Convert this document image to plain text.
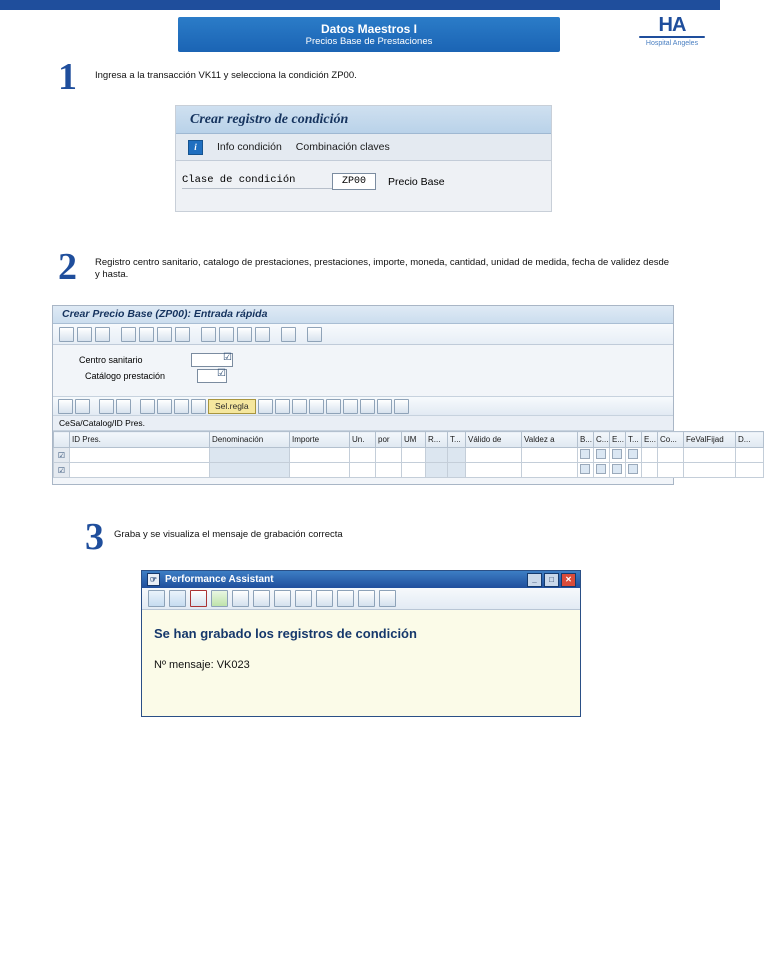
Datos Maestros I
Precios Base de Prestaciones
HA
Hospital Angeles
1 Ingresa a la transacción VK11 y selecciona la condición ZP00.
Crear registro de condición
i	Info condición Combinación claves
Clase de condición	ZP00	Precio Base
2 Registro centro sanitario, catalogo de prestaciones, prestaciones, importe, moneda, cantidad, unidad de medida, fecha de validez desde y hasta.
Crear Precio Base (ZP00): Entrada rápida
Centro sanitario
☑
Catálogo prestación
☑
Sel.regla
CeSa/Catalog/ID Pres.
	ID Pres.	Denominación	Importe	Un.	por	UM	R...	T...	Válido de	Valdez a	B...	C...	E...	T...	E...	Co...	FeValFijad	D...
☑																		
☑																		
3 Graba y se visualiza el mensaje de grabación correcta
☞ Performance Assistant	_	□	✕
Se han grabado los registros de condición
Nº mensaje: VK023
